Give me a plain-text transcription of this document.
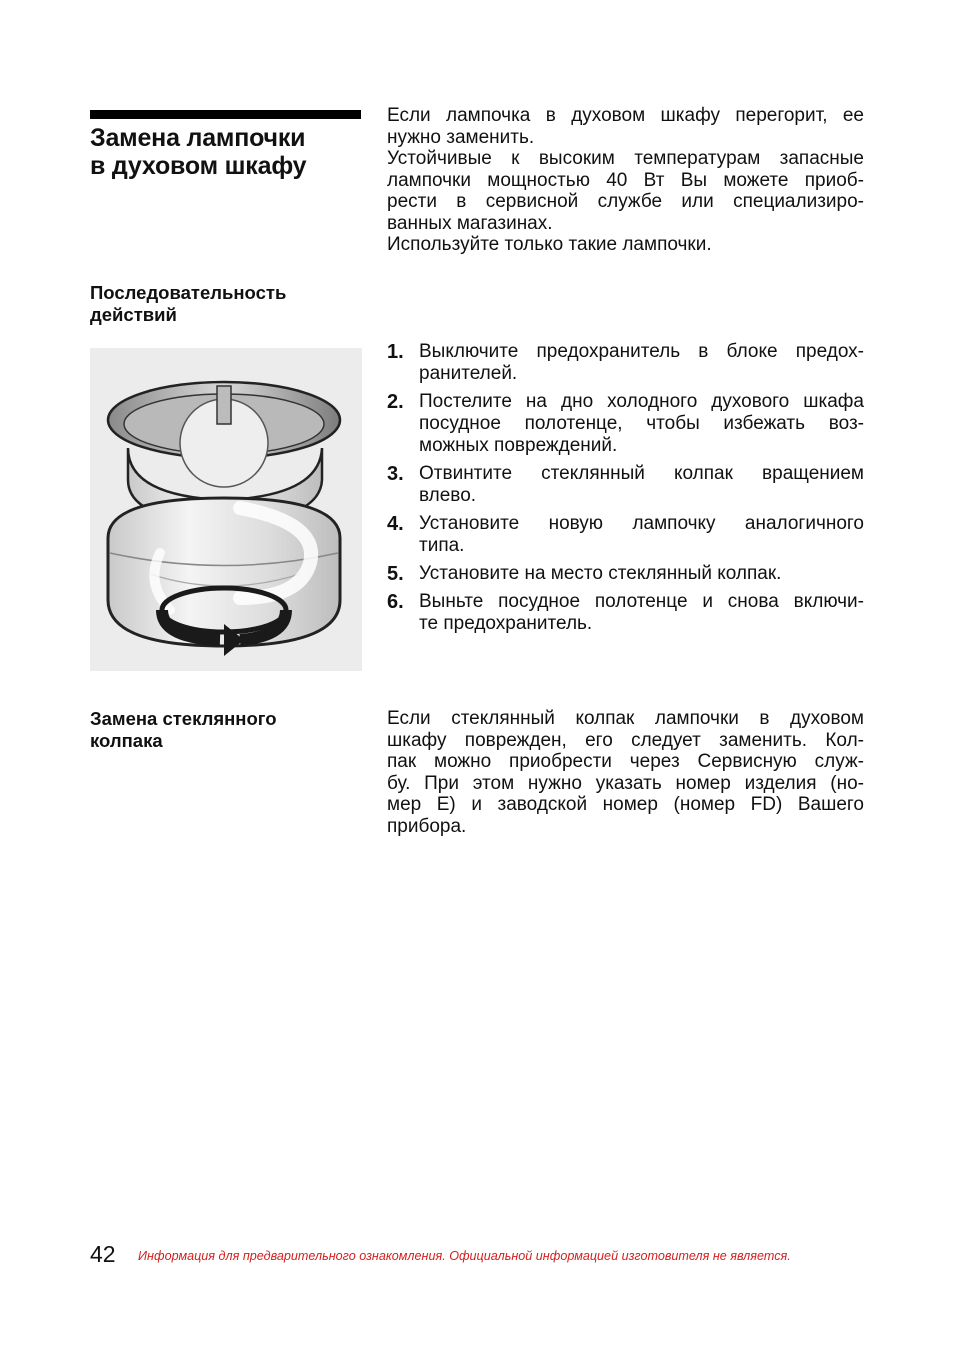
Замена лампочки
в духовом шкафу
Если лампочка в духовом шкафу перегорит, ее
нужно заменить.
Устойчивые к высоким температурам запасные
лампочки мощностью 40 Вт Вы можете приоб-
рести в сервисной службе или специализиро-
ванных магазинах.
Используйте только такие лампочки.
Последовательность
действий
1. Выключите предохранитель в блоке предох-
ранителей.
2. Постелите на дно холодного духового шкафа
посудное полотенце, чтобы избежать воз-
можных повреждений.
3. Отвинтите стеклянный колпак вращением
влево.
4. Установите новую лампочку аналогичного
типа.
5. Установите на место стеклянный колпак.
6. Выньте посудное полотенце и снова включи-
те предохранитель.
Замена стеклянного
колпака
Если стеклянный колпак лампочки в духовом
шкафу поврежден, его следует заменить. Кол-
пак можно приобрести через Сервисную служ-
бу. При этом нужно указать номер изделия (но-
мер E) и заводской номер (номер FD) Вашего
прибора.
42 Информация для предварительного ознакомления. Официальной информацией изготовителя не является.
